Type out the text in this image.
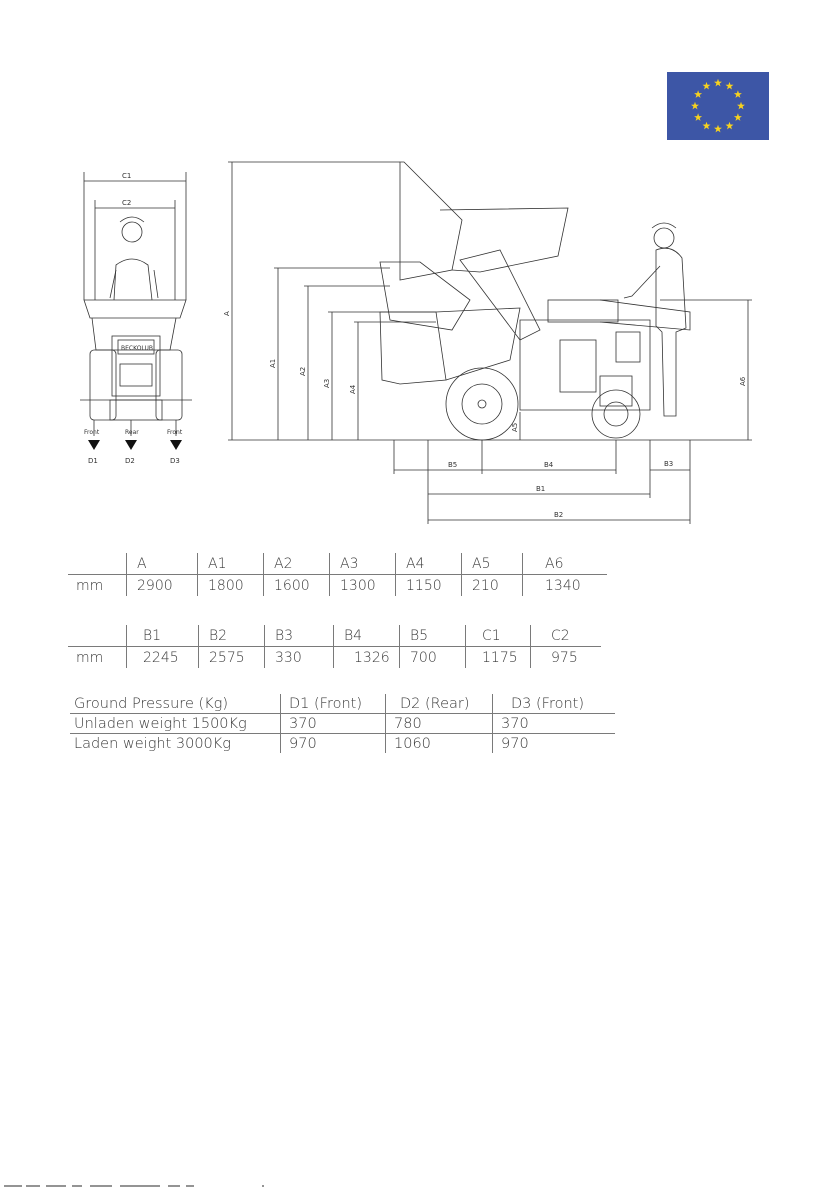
C1
C2
BECKOLUB
Front	Rear	Front
D1	D2	D3
A
A1
A2
A3
A4
A5
A6
B5	B4	B3
B1
B2
	A	A1	A2	A3	A4	A5	A6
mm	2900	1800	1600	1300	1150	210	1340
	B1	B2	B3	B4	B5	C1	C2
mm	2245	2575	330	1326	700	1175	975
Ground Pressure (Kg)	D1 (Front)	D2 (Rear)	D3 (Front)
Unladen weight 1500Kg	370	780	370
Laden weight 3000Kg	970	1060	970
